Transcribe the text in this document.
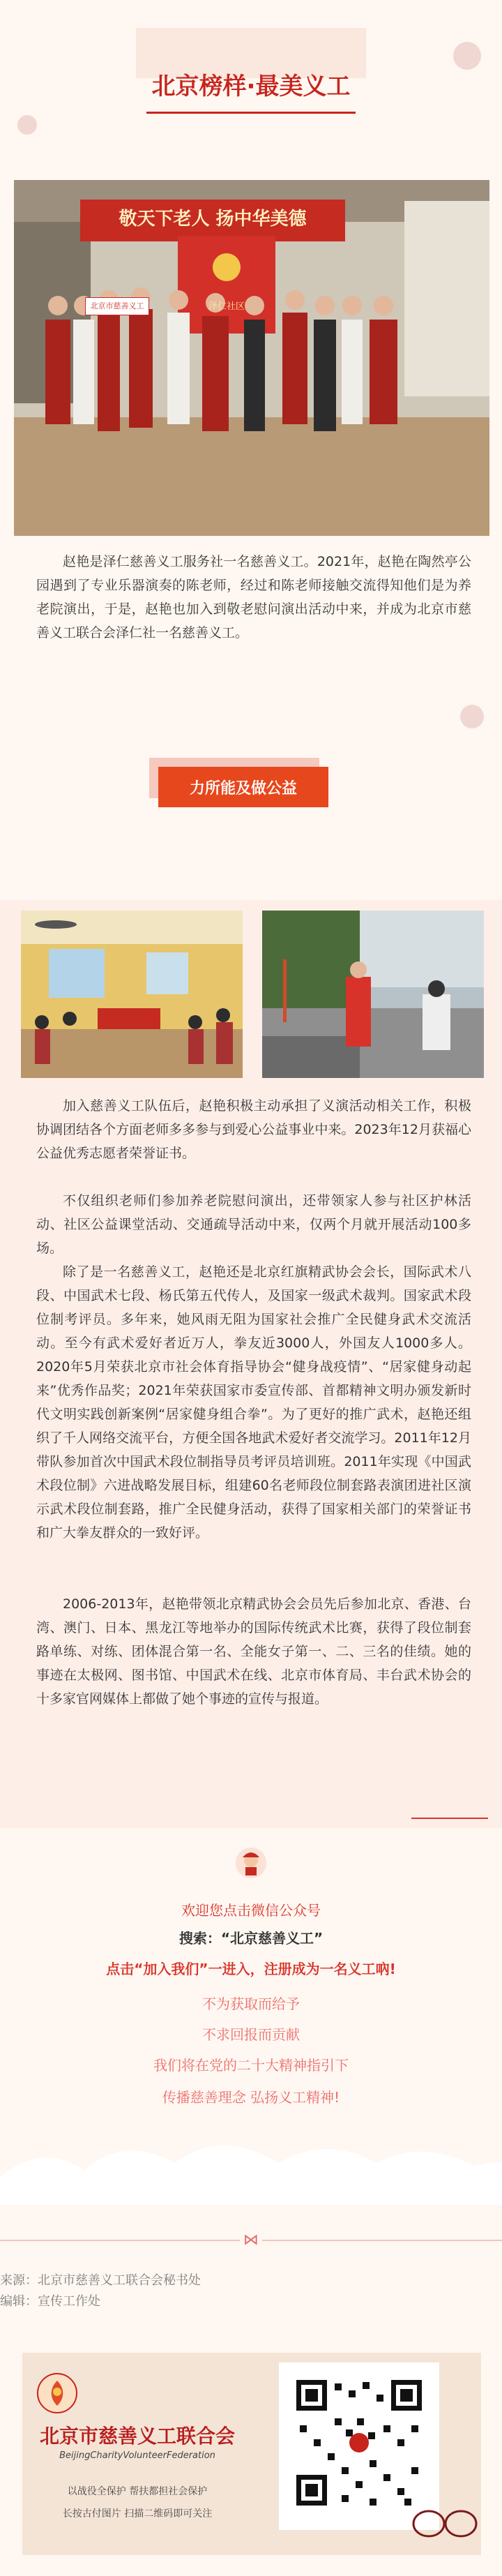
北京榜样·最美义工
敬天下老人 扬中华美德
泽仁社区
北京市慈善义工
赵艳是泽仁慈善义工服务社一名慈善义工。2021年，赵艳在陶然亭公园遇到了专业乐器演奏的陈老师，经过和陈老师接触交流得知他们是为养老院演出，于是，赵艳也加入到敬老慰问演出活动中来，并成为北京市慈善义工联合会泽仁社一名慈善义工。
力所能及做公益
加入慈善义工队伍后，赵艳积极主动承担了义演活动相关工作，积极协调团结各个方面老师多多参与到爱心公益事业中来。2023年12月获福心公益优秀志愿者荣誉证书。
不仅组织老师们参加养老院慰问演出，还带领家人参与社区护林活动、社区公益课堂活动、交通疏导活动中来，仅两个月就开展活动100多场。
除了是一名慈善义工，赵艳还是北京红旗精武协会会长，国际武术八段、中国武术七段、杨氏第五代传人，及国家一级武术裁判。国家武术段位制考评员。多年来，她风雨无阻为国家社会推广全民健身武术交流活动。至今有武术爱好者近万人，拳友近3000人，外国友人1000多人。2020年5月荣获北京市社会体育指导协会“健身战疫情”、“居家健身动起来”优秀作品奖；2021年荣获国家市委宣传部、首都精神文明办颁发新时代文明实践创新案例“居家健身组合拳”。为了更好的推广武术，赵艳还组织了千人网络交流平台，方便全国各地武术爱好者交流学习。2011年12月带队参加首次中国武术段位制指导员考评员培训班。2011年实现《中国武术段位制》六进战略发展目标，组建60名老师段位制套路表演团进社区演示武术段位制套路，推广全民健身活动，获得了国家相关部门的荣誉证书和广大拳友群众的一致好评。
2006-2013年，赵艳带领北京精武协会会员先后参加北京、香港、台湾、澳门、日本、黑龙江等地举办的国际传统武术比赛，获得了段位制套路单练、对练、团体混合第一名、全能女子第一、二、三名的佳绩。她的事迹在太极网、图书馆、中国武术在线、北京市体育局、丰台武术协会的十多家官网媒体上都做了她个事迹的宣传与报道。
欢迎您点击微信公众号
搜索：“北京慈善义工”
点击“加入我们”一进入，注册成为一名义工吶!
不为获取而给予
不求回报而贡献
我们将在党的二十大精神指引下
传播慈善理念 弘扬义工精神!
⋈
来源：北京市慈善义工联合会秘书处
编辑：宣传工作处
北京市慈善义工联合会
BeijingCharityVolunteerFederation
以战役全保护 帮扶都担社会保护
长按古付图片 扫描二维码即可关注
